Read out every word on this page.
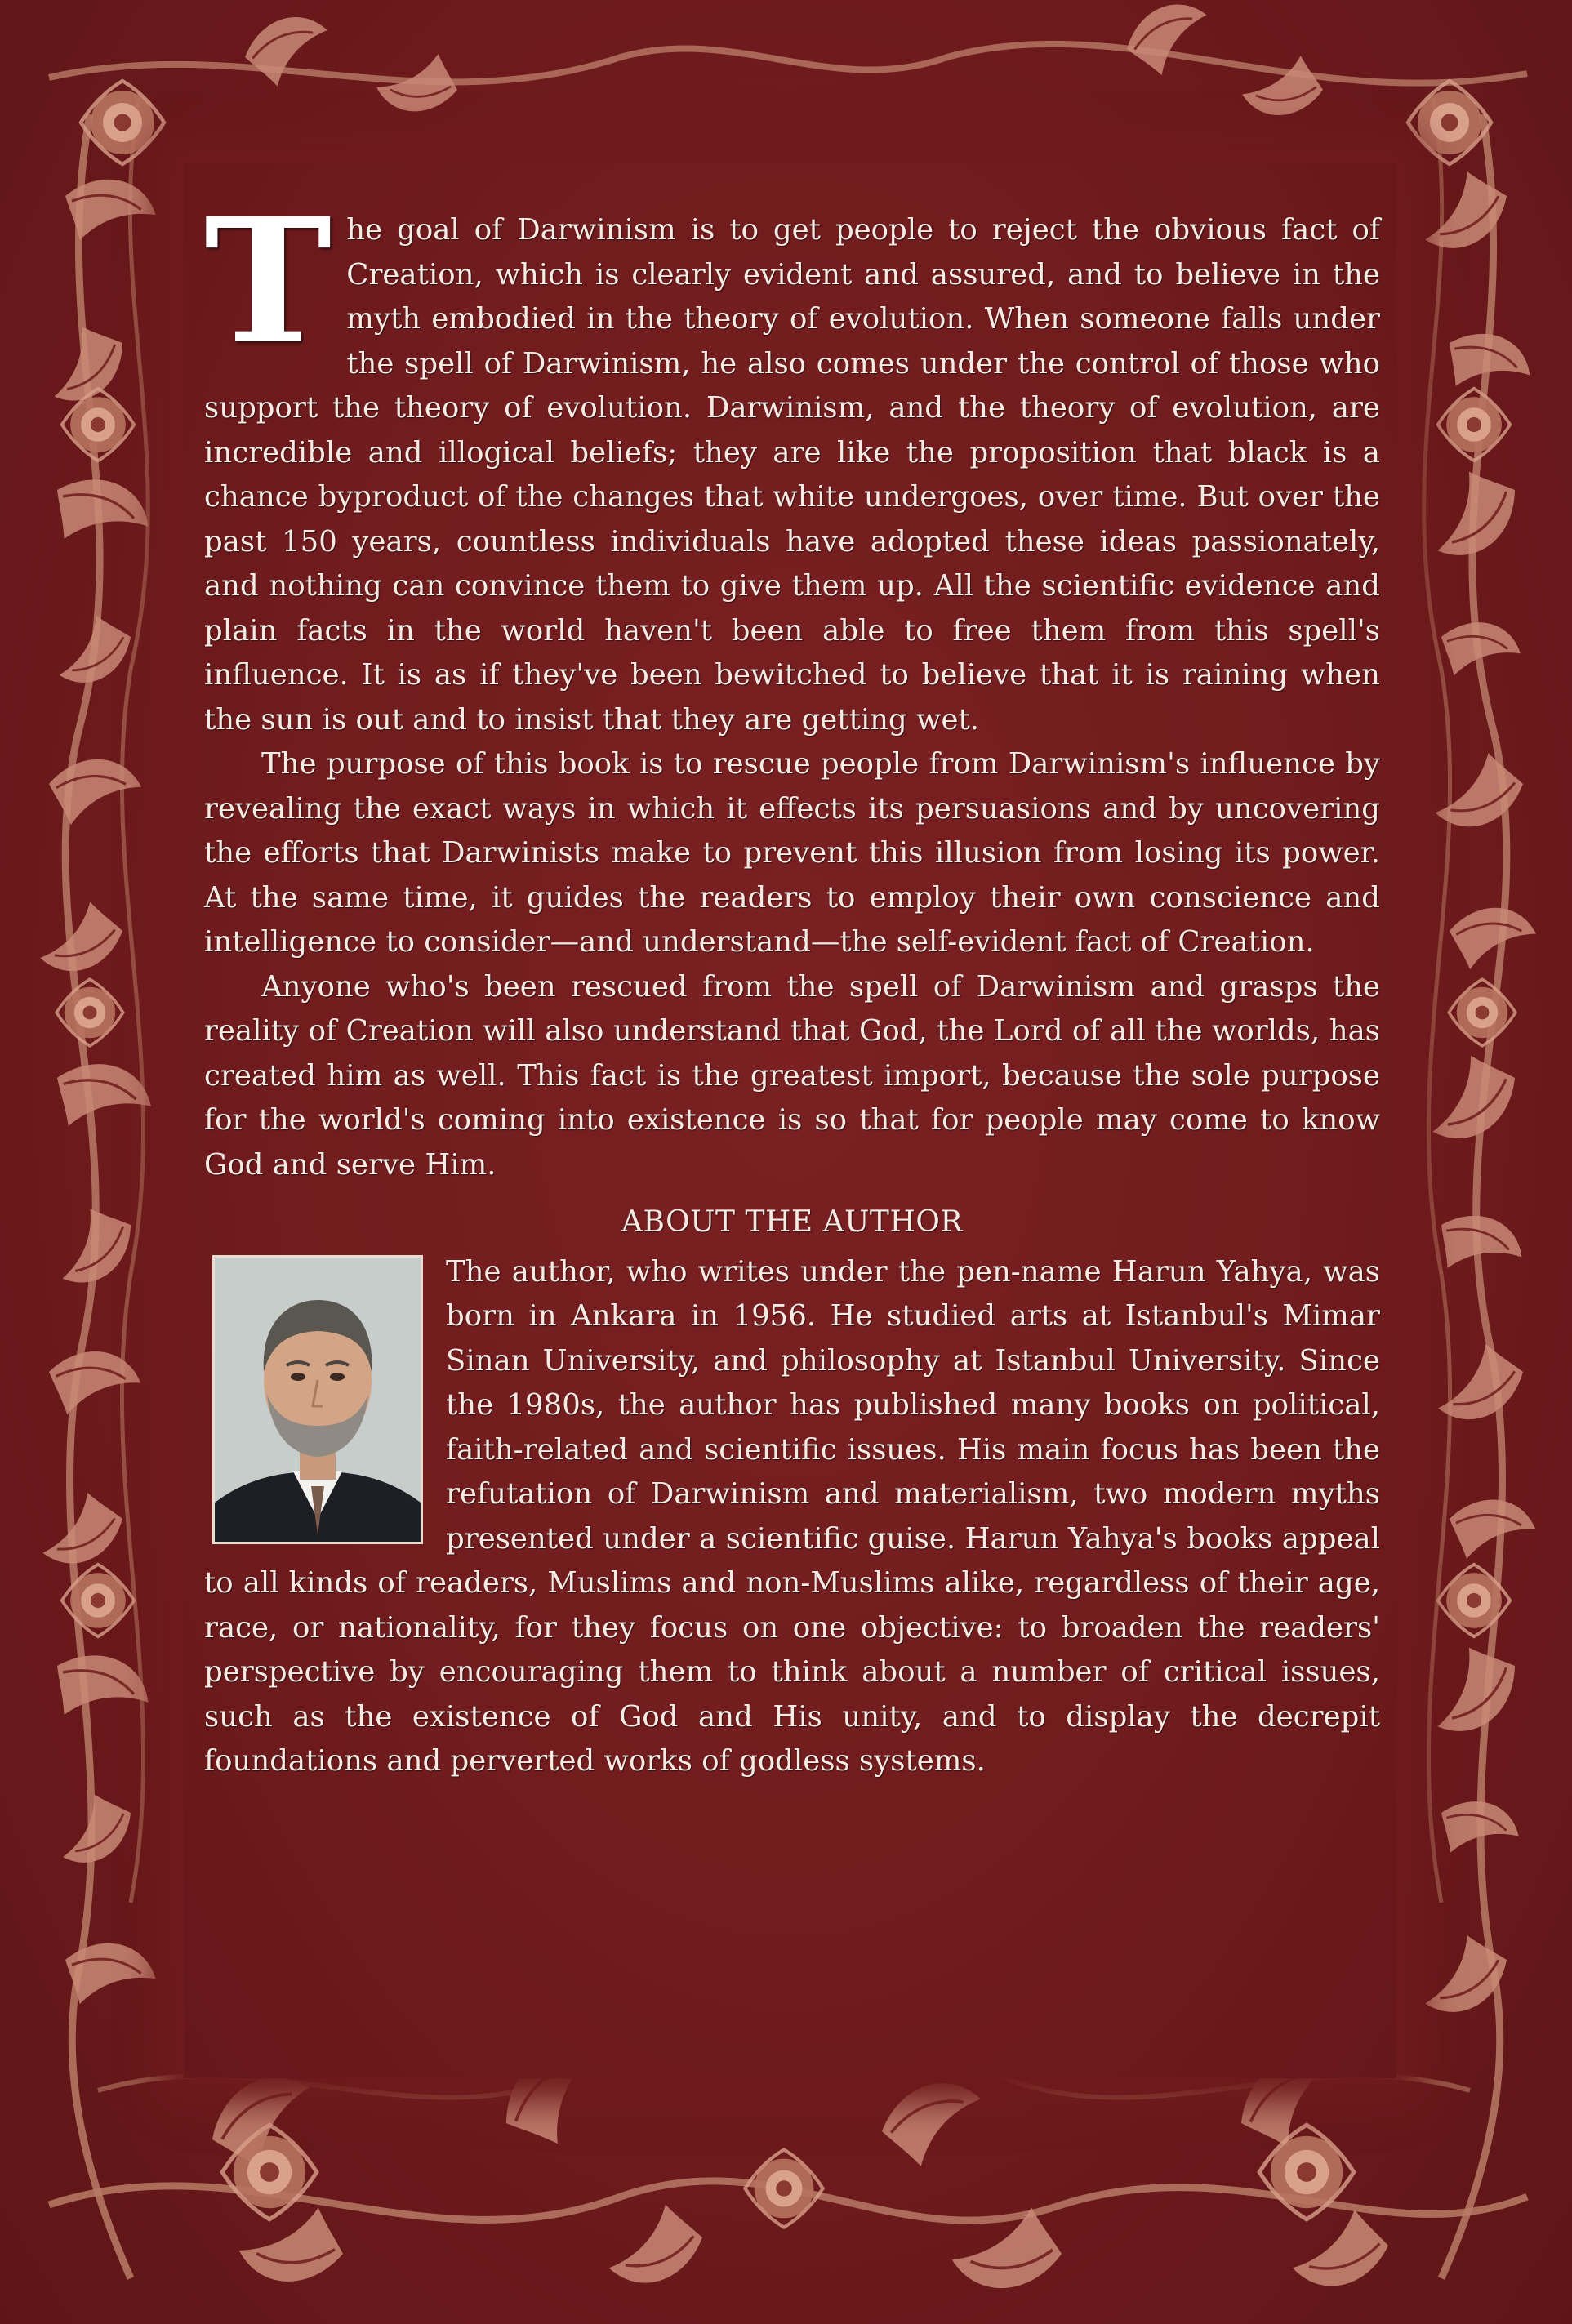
The goal of Darwinism is to get people to reject the obvious fact of Creation, which is clearly evident and assured, and to believe in the myth embodied in the theory of evolution. When someone falls under the spell of Darwinism, he also comes under the control of those who support the theory of evolution. Darwinism, and the theory of evolution, are incredible and illogical beliefs; they are like the proposition that black is a chance byproduct of the changes that white undergoes, over time. But over the past 150 years, countless individuals have adopted these ideas passionately, and nothing can convince them to give them up. All the scientific evidence and plain facts in the world haven't been able to free them from this spell's influence. It is as if they've been bewitched to believe that it is raining when the sun is out and to insist that they are getting wet.

The purpose of this book is to rescue people from Darwinism's influence by revealing the exact ways in which it effects its persuasions and by uncovering the efforts that Darwinists make to prevent this illusion from losing its power. At the same time, it guides the readers to employ their own conscience and intelligence to consider—and understand—the self-evident fact of Creation.

Anyone who's been rescued from the spell of Darwinism and grasps the reality of Creation will also understand that God, the Lord of all the worlds, has created him as well. This fact is the greatest import, because the sole purpose for the world's coming into existence is so that for people may come to know God and serve Him.

ABOUT THE AUTHOR

The author, who writes under the pen-name Harun Yahya, was born in Ankara in 1956. He studied arts at Istanbul's Mimar Sinan University, and philosophy at Istanbul University. Since the 1980s, the author has published many books on political, faith-related and scientific issues. His main focus has been the refutation of Darwinism and materialism, two modern myths presented under a scientific guise. Harun Yahya's books appeal to all kinds of readers, Muslims and non-Muslims alike, regardless of their age, race, or nationality, for they focus on one objective: to broaden the readers' perspective by encouraging them to think about a number of critical issues, such as the existence of God and His unity, and to display the decrepit foundations and perverted works of godless systems.
